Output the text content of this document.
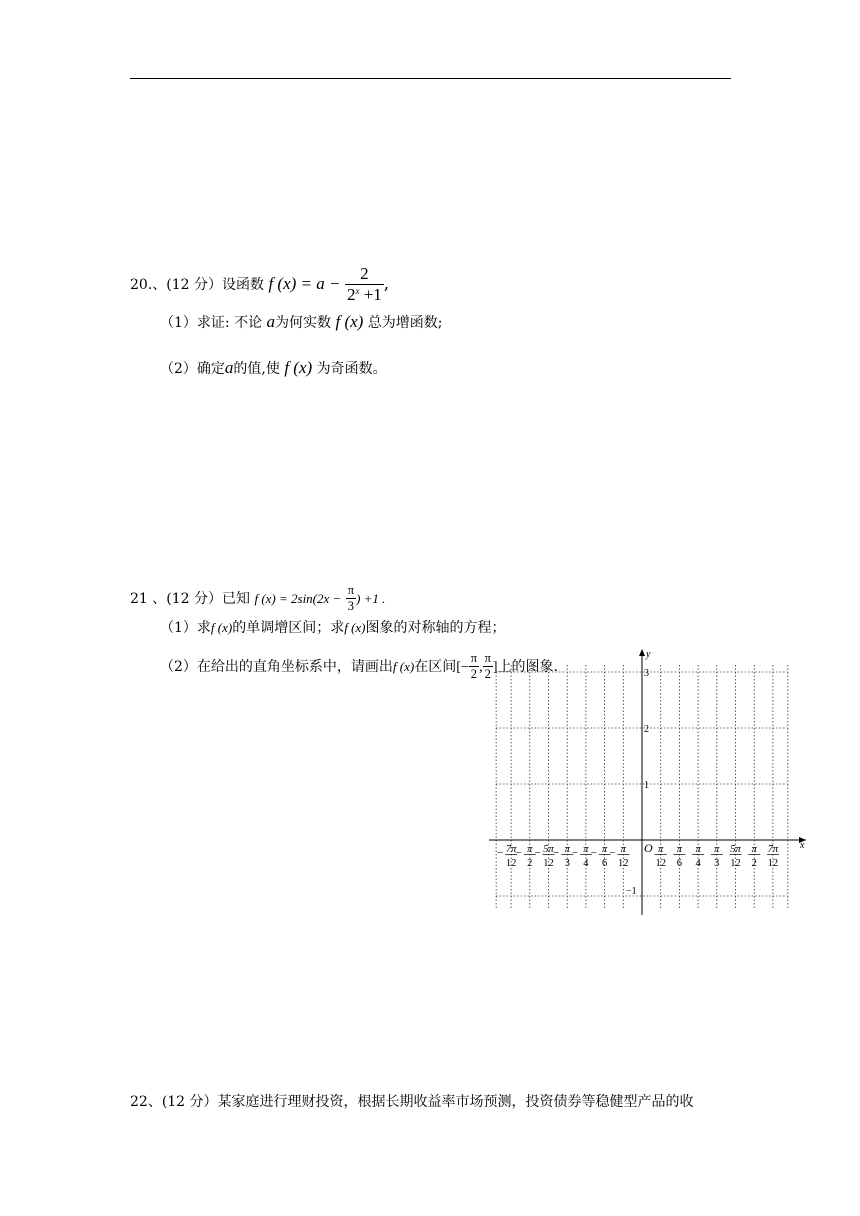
20.、(12 分）设函数 f $(x) = a - \frac{2}{2^x +1}$ ,
（1）求证: 不论 a为何实数 f (x) 总为增函数;
（2）确定a的值,使 f (x) 为奇函数。
21 、(12 分）已知 f $(x) = 2\sin(2x - \frac{\pi}{3}$ ) +1 .
（1）求f (x)的单调增区间；求f (x)图象的对称轴的方程；
（2）在给出的直角坐标系中，请画出f (x)在区间[− $\frac{\pi}{2}$ , $\frac{\pi}{2}$ ]上的图象.
y
x
O
3
2
1
−1
− 7π
12
− π
2
− 5π
12
− π
3
− π
4
− π
6
− π
12
π
12
π
6
π
4
π
3
5π
12
π
2
7π
12
22、(12 分）某家庭进行理财投资，根据长期收益率市场预测，投资债券等稳健型产品的收
